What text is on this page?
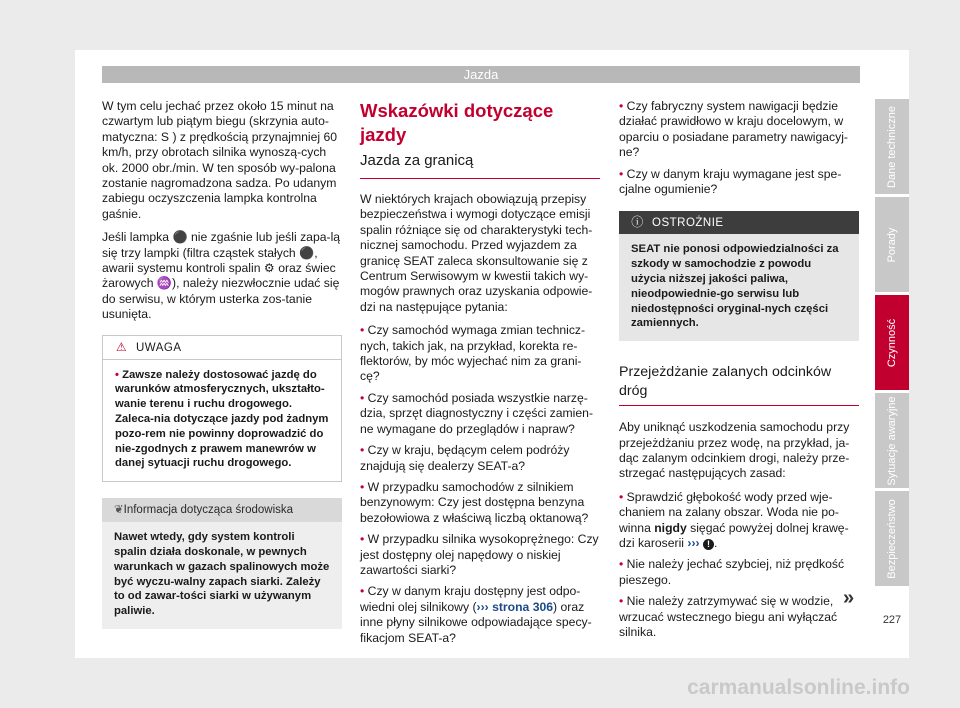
Jazda

W tym celu jechać przez około 15 minut na czwartym lub piątym biegu (skrzynia auto-matyczna: S ) z prędkością przynajmniej 60 km/h, przy obrotach silnika wynoszą-cych ok. 2000 obr./min. W ten sposób wy-palona zostanie nagromadzona sadza. Po udanym zabiegu oczyszczenia lampka kontrolna gaśnie.

Jeśli lampka ⚫ nie zgaśnie lub jeśli zapa-lą się trzy lampki (filtra cząstek stałych ⚫, awarii systemu kontroli spalin ⚙ oraz świec żarowych ♒), należy niezwłocznie udać się do serwisu, w którym usterka zos-tanie usunięta.

⚠ UWAGA
• Zawsze należy dostosować jazdę do warunków atmosferycznych, ukształto-wanie terenu i ruchu drogowego. Zaleca-nia dotyczące jazdy pod żadnym pozo-rem nie powinny doprowadzić do nie-zgodnych z prawem manewrów w danej sytuacji ruchu drogowego.
❦Informacja dotycząca środowiska
Nawet wtedy, gdy system kontroli spalin działa doskonale, w pewnych warunkach w gazach spalinowych może być wyczu-walny zapach siarki. Zależy to od zawar-tości siarki w używanym paliwie.
Wskazówki dotyczące jazdy
Jazda za granicą

W niektórych krajach obowiązują przepisy bezpieczeństwa i wymogi dotyczące emisji spalin różniące się od charakterystyki tech-nicznej samochodu. Przed wyjazdem za granicę SEAT zaleca skonsultowanie się z Centrum Serwisowym w kwestii takich wy-mogów prawnych oraz uzyskania odpowie-dzi na następujące pytania:

• Czy samochód wymaga zmian technicz-nych, takich jak, na przykład, korekta re-flektorów, by móc wyjechać nim za grani-cę?
• Czy samochód posiada wszystkie narzę-dzia, sprzęt diagnostyczny i części zamien-ne wymagane do przeglądów i napraw?
• Czy w kraju, będącym celem podróży znajdują się dealerzy SEAT-a?
• W przypadku samochodów z silnikiem benzynowym: Czy jest dostępna benzyna bezołowiowa z właściwą liczbą oktanową?
• W przypadku silnika wysokoprężnego: Czy jest dostępny olej napędowy o niskiej zawartości siarki?
• Czy w danym kraju dostępny jest odpo-wiedni olej silnikowy (››› strona 306) oraz inne płyny silnikowe odpowiadające specy-fikacjom SEAT-a?
• Czy fabryczny system nawigacji będzie działać prawidłowo w kraju docelowym, w oparciu o posiadane parametry nawigacyj-ne?
• Czy w danym kraju wymagane jest spe-cjalne ogumienie?
ⓘ OSTROŻNIE
SEAT nie ponosi odpowiedzialności za szkody w samochodzie z powodu użycia niższej jakości paliwa, nieodpowiednie-go serwisu lub niedostępności oryginal-nych części zamiennych.
Przejeżdżanie zalanych odcinków dróg

Aby uniknąć uszkodzenia samochodu przy przejeżdżaniu przez wodę, na przykład, ja-dąc zalanym odcinkiem drogi, należy prze-strzegać następujących zasad:

• Sprawdzić głębokość wody przed wje-chaniem na zalany obszar. Woda nie po-winna nigdy sięgać powyżej dolnej krawę-dzi karoserii ››› ! .
• Nie należy jechać szybciej, niż prędkość pieszego.
• Nie należy zatrzymywać się w wodzie, wrzucać wstecznego biegu ani wyłączać silnika.
»
Dane techniczne
Porady
Czynność
Sytuacje awaryjne
Bezpieczeństwo
227
carmanualsonline.info
